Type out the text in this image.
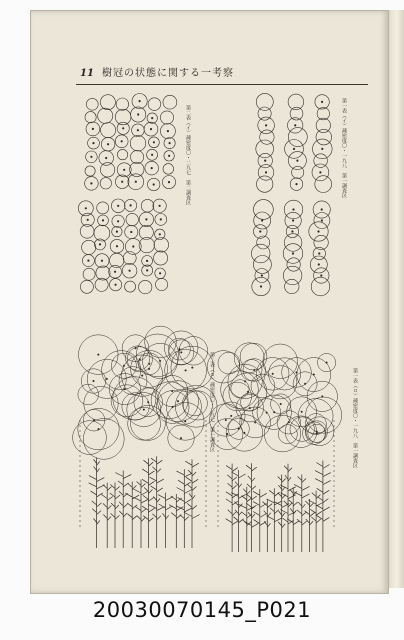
11 樹冠の状態に関する一考察
第二表（イ）疎密度〇・二九七　第二調査区	第一表（イ）疎密度〇・一九八　第一調査区
第二表（ロ）疎密度〇・二九七　第一調査区	第一表（ロ）疎密度〇・一九八　第一調査区
20030070145_P021
